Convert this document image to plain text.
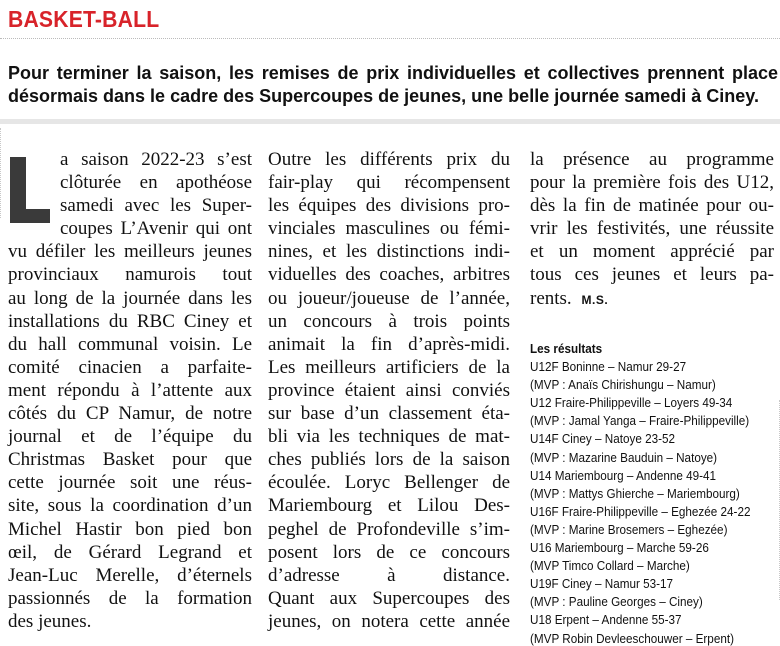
BASKET-BALL

Pour terminer la saison, les remises de prix individuelles et collectives prennent place désormais dans le cadre des Supercoupes de jeunes, une belle journée samedi à Ciney.

L	a saison 2022-23 s’est
clôturée en apothéose
samedi avec les Super-
coupes L’Avenir qui ont
vu défiler les meilleurs jeunes
provinciaux namurois tout
au long de la journée dans les
installations du RBC Ciney et
du hall communal voisin. Le
comité cinacien a parfaite-
ment répondu à l’attente aux
côtés du CP Namur, de notre
journal et de l’équipe du
Christmas Basket pour que
cette journée soit une réus-
site, sous la coordination d’un
Michel Hastir bon pied bon
œil, de Gérard Legrand et
Jean-Luc Merelle, d’éternels
passionnés de la formation
des jeunes.
Outre les différents prix du
fair-play qui récompensent
les équipes des divisions pro-
vinciales masculines ou fémi-
nines, et les distinctions indi-
viduelles des coaches, arbitres
ou joueur/joueuse de l’année,
un concours à trois points
animait la fin d’après-midi.
Les meilleurs artificiers de la
province étaient ainsi conviés
sur base d’un classement éta-
bli via les techniques de mat-
ches publiés lors de la saison
écoulée. Loryc Bellenger de
Mariembourg et Lilou Des-
peghel de Profondeville s’im-
posent lors de ce concours
d’adresse à distance.
Quant aux Supercoupes des
jeunes, on notera cette année
la présence au programme
pour la première fois des U12,
dès la fin de matinée pour ou-
vrir les festivités, une réussite
et un moment apprécié par
tous ces jeunes et leurs pa-
rents. M.S.
Les résultats
U12F Boninne – Namur 29-27
(MVP : Anaïs Chirishungu – Namur)
U12 Fraire-Philippeville – Loyers 49-34
(MVP : Jamal Yanga – Fraire-Philippeville)
U14F Ciney – Natoye 23-52
(MVP : Mazarine Bauduin – Natoye)
U14 Mariembourg – Andenne 49-41
(MVP : Mattys Ghierche – Mariembourg)
U16F Fraire-Philippeville – Eghezée 24-22
(MVP : Marine Brosemers – Eghezée)
U16 Mariembourg – Marche 59-26
(MVP Timco Collard – Marche)
U19F Ciney – Namur 53-17
(MVP : Pauline Georges – Ciney)
U18 Erpent – Andenne 55-37
(MVP Robin Devleeschouwer – Erpent)
